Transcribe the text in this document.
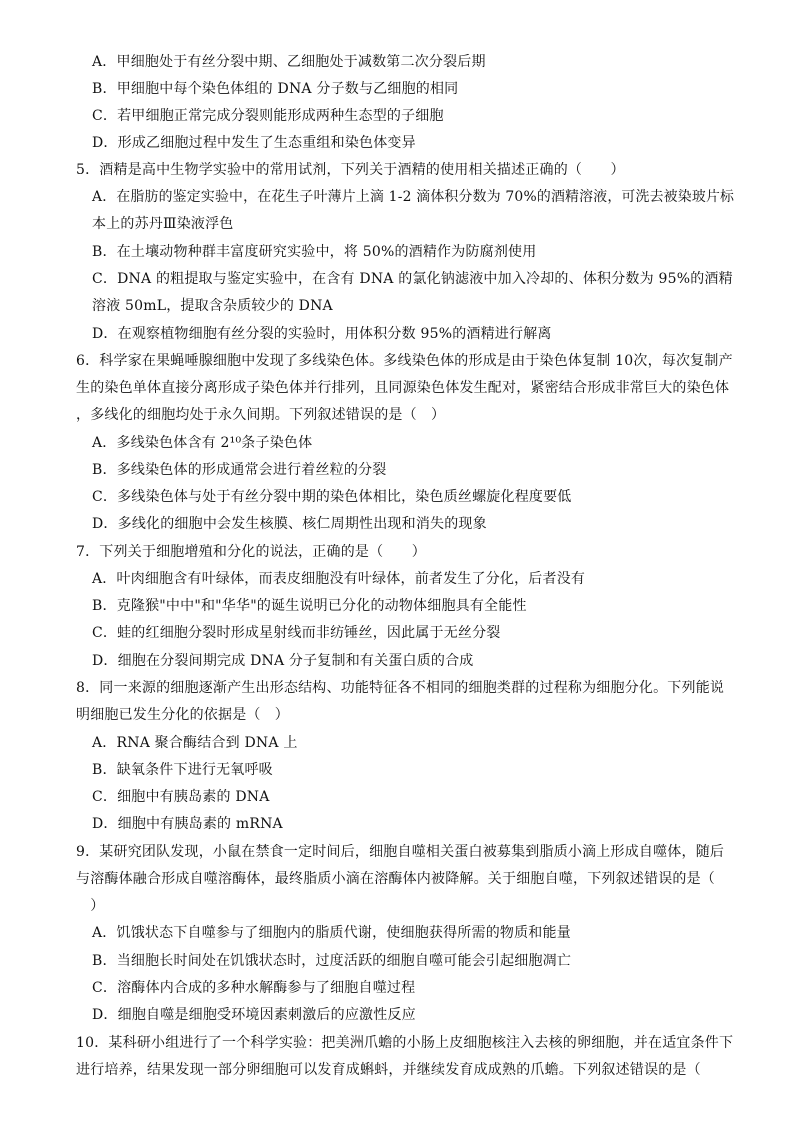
A．甲细胞处于有丝分裂中期、乙细胞处于减数第二次分裂后期
B．甲细胞中每个染色体组的 DNA 分子数与乙细胞的相同
C．若甲细胞正常完成分裂则能形成两种生态型的子细胞
D．形成乙细胞过程中发生了生态重组和染色体变异
5．酒精是高中生物学实验中的常用试剂，下列关于酒精的使用相关描述正确的（　　）
A．在脂肪的鉴定实验中，在花生子叶薄片上滴 1-2 滴体积分数为 70%的酒精溶液，可洗去被染玻片标
本上的苏丹Ⅲ染液浮色
B．在土壤动物种群丰富度研究实验中，将 50%的酒精作为防腐剂使用
C．DNA 的粗提取与鉴定实验中，在含有 DNA 的氯化钠滤液中加入冷却的、体积分数为 95%的酒精
溶液 50mL，提取含杂质较少的 DNA
D．在观察植物细胞有丝分裂的实验时，用体积分数 95%的酒精进行解离
6．科学家在果蝇唾腺细胞中发现了多线染色体。多线染色体的形成是由于染色体复制 10次，每次复制产
生的染色单体直接分离形成子染色体并行排列，且同源染色体发生配对，紧密结合形成非常巨大的染色体
，多线化的细胞均处于永久间期。下列叙述错误的是（　）
A．多线染色体含有 2¹⁰条子染色体
B．多线染色体的形成通常会进行着丝粒的分裂
C．多线染色体与处于有丝分裂中期的染色体相比，染色质丝螺旋化程度要低
D．多线化的细胞中会发生核膜、核仁周期性出现和消失的现象
7．下列关于细胞增殖和分化的说法，正确的是（　　）
A．叶肉细胞含有叶绿体，而表皮细胞没有叶绿体，前者发生了分化，后者没有
B．克隆猴"中中"和"华华"的诞生说明已分化的动物体细胞具有全能性
C．蛙的红细胞分裂时形成星射线而非纺锤丝，因此属于无丝分裂
D．细胞在分裂间期完成 DNA 分子复制和有关蛋白质的合成
8．同一来源的细胞逐渐产生出形态结构、功能特征各不相同的细胞类群的过程称为细胞分化。下列能说
明细胞已发生分化的依据是（　）
A．RNA 聚合酶结合到 DNA 上
B．缺氧条件下进行无氧呼吸
C．细胞中有胰岛素的 DNA
D．细胞中有胰岛素的 mRNA
9．某研究团队发现，小鼠在禁食一定时间后，细胞自噬相关蛋白被募集到脂质小滴上形成自噬体，随后
与溶酶体融合形成自噬溶酶体，最终脂质小滴在溶酶体内被降解。关于细胞自噬，下列叙述错误的是（
　）
A．饥饿状态下自噬参与了细胞内的脂质代谢，使细胞获得所需的物质和能量
B．当细胞长时间处在饥饿状态时，过度活跃的细胞自噬可能会引起细胞凋亡
C．溶酶体内合成的多种水解酶参与了细胞自噬过程
D．细胞自噬是细胞受环境因素刺激后的应激性反应
10．某科研小组进行了一个科学实验：把美洲爪蟾的小肠上皮细胞核注入去核的卵细胞，并在适宜条件下
进行培养，结果发现一部分卵细胞可以发育成蝌蚪，并继续发育成成熟的爪蟾。下列叙述错误的是（
